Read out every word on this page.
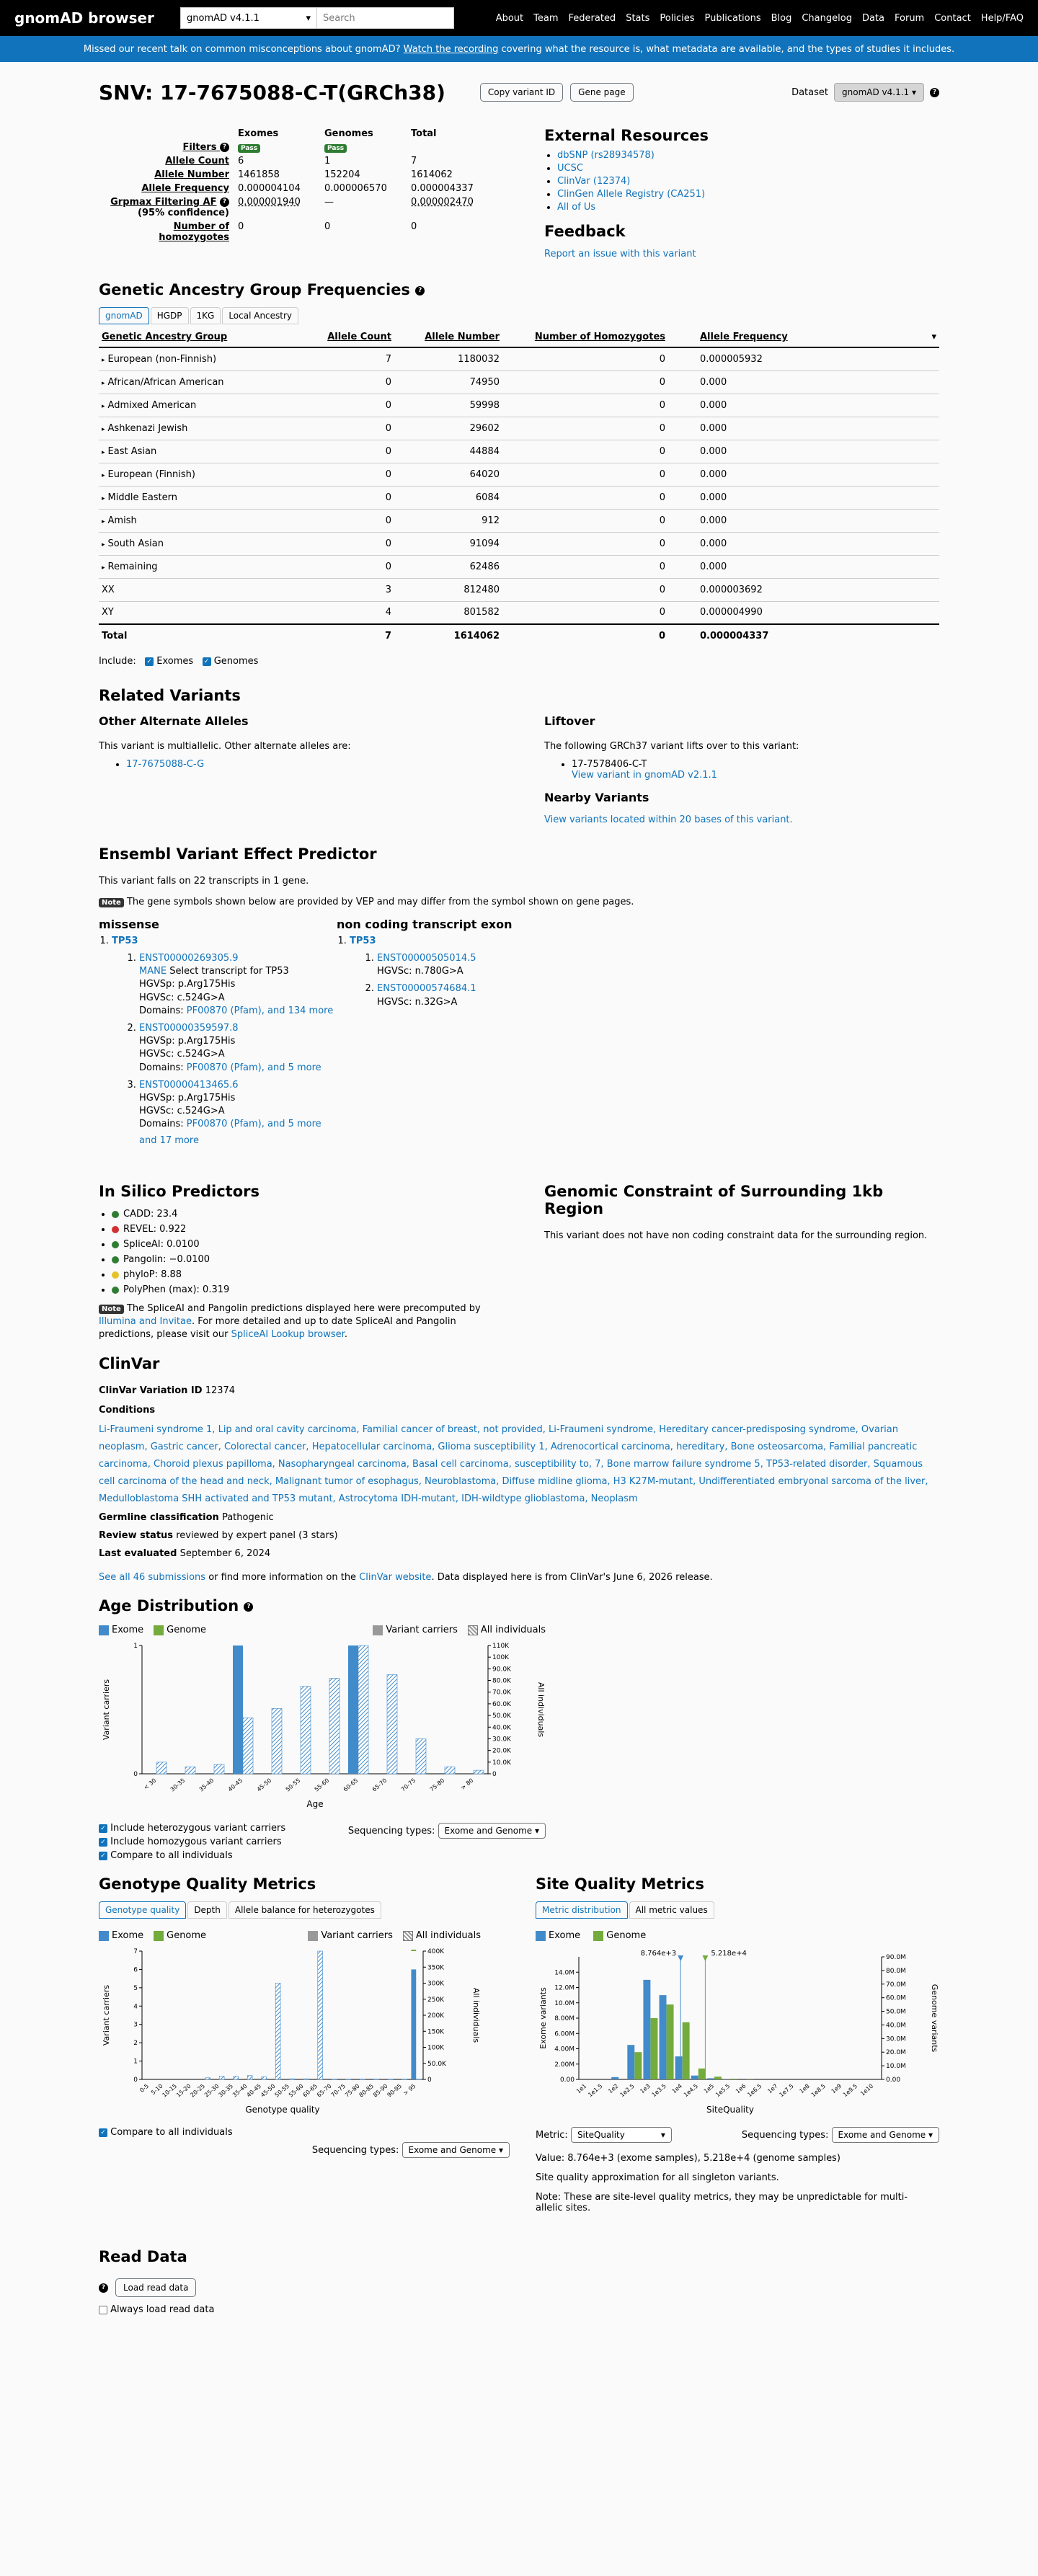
gnomAD browser	gnomAD v4.1.1	▾	Search	About Team Federated Stats Policies Publications Blog Changelog Data Forum Contact Help/FAQ
Missed our recent talk on common misconceptions about gnomAD?
Watch the recording
covering what the resource is, what metadata are available, and the types of studies it includes.
SNV: 17-7675088-C-T(GRCh38)	Copy variant ID	Gene page	Dataset	gnomAD v4.1.1 ▾	?
	Exomes	Genomes	Total
Filters ?	Pass	Pass	
Allele Count	6	1	7
Allele Number	1461858	152204	1614062
Allele Frequency	0.000004104	0.000006570	0.000004337
Grpmax Filtering AF ?
(95% confidence)	0.000001940	—	0.000002470
Number of homozygotes	0	0	0
External Resources
• dbSNP (rs28934578)
• UCSC
• ClinVar (12374)
• ClinGen Allele Registry (CA251)
• All of Us
Feedback
Report an issue with this variant
Genetic Ancestry Group Frequencies ?
gnomAD	HGDP	1KG	Local Ancestry
Genetic Ancestry Group	Allele Count	Allele Number	Number of Homozygotes	Allele Frequency ▾

▸ European (non-Finnish)	7	1180032	0	0.000005932
▸ African/African American	0	74950	0	0.000
▸ Admixed American	0	59998	0	0.000
▸ Ashkenazi Jewish	0	29602	0	0.000
▸ East Asian	0	44884	0	0.000
▸ European (Finnish)	0	64020	0	0.000
▸ Middle Eastern	0	6084	0	0.000
▸ Amish	0	912	0	0.000
▸ South Asian	0	91094	0	0.000
▸ Remaining	0	62486	0	0.000
XX	3	812480	0	0.000003692
XY	4	801582	0	0.000004990
Total	7	1614062	0	0.000004337
Include: ✓ Exomes ✓ Genomes
Related Variants
Other Alternate Alleles

This variant is multiallelic. Other alternate alleles are:

• 17-7675088-C-G
Liftover

The following GRCh37 variant lifts over to this variant:

• 17-7578406-C-T
View variant in gnomAD v2.1.1
Nearby Variants

View variants located within 20 bases of this variant.

Ensembl Variant Effect Predictor

This variant falls on 22 transcripts in 1 gene.

Note The gene symbols shown below are provided by VEP and may differ from the symbol shown on gene pages.

missense
1. TP53
1. ENST00000269305.9
MANE Select transcript for TP53
HGVSp: p.Arg175His
HGVSc: c.524G>A
Domains: PF00870 (Pfam), and 134 more
2. ENST00000359597.8
HGVSp: p.Arg175His
HGVSc: c.524G>A
Domains: PF00870 (Pfam), and 5 more
3. ENST00000413465.6
HGVSp: p.Arg175His
HGVSc: c.524G>A
Domains: PF00870 (Pfam), and 5 more
and 17 more
non coding transcript exon
1. TP53
1. ENST00000505014.5
HGVSc: n.780G>A
2. ENST00000574684.1
HGVSc: n.32G>A
In Silico Predictors
• CADD: 23.4
• REVEL: 0.922
• SpliceAI: 0.0100
• Pangolin: −0.0100
• phyloP: 8.88
• PolyPhen (max): 0.319

Note The SpliceAI and Pangolin predictions displayed here were precomputed by Illumina and Invitae. For more detailed and up to date SpliceAI and Pangolin predictions, please visit our SpliceAI Lookup browser.

Genomic Constraint of Surrounding 1kb Region

This variant does not have non coding constraint data for the surrounding region.

ClinVar

ClinVar Variation ID 12374

Conditions

Li-Fraumeni syndrome 1, Lip and oral cavity carcinoma, Familial cancer of breast, not provided, Li-Fraumeni syndrome, Hereditary cancer-predisposing syndrome, Ovarian neoplasm, Gastric cancer, Colorectal cancer, Hepatocellular carcinoma, Glioma susceptibility 1, Adrenocortical carcinoma, hereditary, Bone osteosarcoma, Familial pancreatic carcinoma, Choroid plexus papilloma, Nasopharyngeal carcinoma, Basal cell carcinoma, susceptibility to, 7, Bone marrow failure syndrome 5, TP53-related disorder, Squamous cell carcinoma of the head and neck, Malignant tumor of esophagus, Neuroblastoma, Diffuse midline glioma, H3 K27M-mutant, Undifferentiated embryonal sarcoma of the liver, Medulloblastoma SHH activated and TP53 mutant, Astrocytoma IDH-mutant, IDH-wildtype glioblastoma, Neoplasm

Germline classification Pathogenic

Review status reviewed by expert panel (3 stars)

Last evaluated September 6, 2024

See all 46 submissions or find more information on the ClinVar website. Data displayed here is from ClinVar's June 6, 2026 release.

Age Distribution ?
Exome	Genome	Variant carriers	All individuals
0
1
0
10.0K
20.0K
30.0K
40.0K
50.0K
60.0K
70.0K
80.0K
90.0K
100K
110K
< 30 30-35 35-40 40-45 45-50 50-55 55-60 60-65 65-70 70-75 75-80 > 80
Variant carriers	All individuals
Age
✓ Include heterozygous variant carriers
✓ Include homozygous variant carriers
✓ Compare to all individuals
Sequencing types: Exome and Genome ▾
Genotype Quality Metrics
Genotype quality	Depth	Allele balance for heterozygotes
Exome	Genome	Variant carriers	All individuals
0
1
2
3
4
5
6
7
0
50.0K
100K
150K
200K
250K
300K
350K
400K
0-5 5-10
10-15
15-20
20-25
25-30
30-35
35-40
40-45
45-50
50-55
55-60
60-65
65-70
70-75
75-80
80-85
85-90
90-95
> 95
Variant carriers	All individuals
Genotype quality
✓ Compare to all individuals
Sequencing types: Exome and Genome ▾
Site Quality Metrics
Metric distribution	All metric values
Exome	Genome
0.00
2.00M
4.00M
6.00M
8.00M
10.0M
12.0M
14.0M
0.00
10.0M
20.0M
30.0M
40.0M
50.0M
60.0M
70.0M
80.0M
90.0M
1e1
1e1.5 1e2
1e2.5 1e3
1e3.5 1e4
1e4.5 1e5
1e5.5 1e6
1e6.5 1e7
1e7.5 1e8
1e8.5 1e9
1e9.5 1e10
8.764e+3	5.218e+4
Exome variants	Genome variants
SiteQuality
Metric:
	SiteQuality	▾	Sequencing types:
	Exome and Genome ▾

Value: 8.764e+3 (exome samples), 5.218e+4 (genome samples)

Site quality approximation for all singleton variants.

Note: These are site-level quality metrics, they may be unpredictable for multi-allelic sites.

Read Data
?	Load read data
Always load read data
